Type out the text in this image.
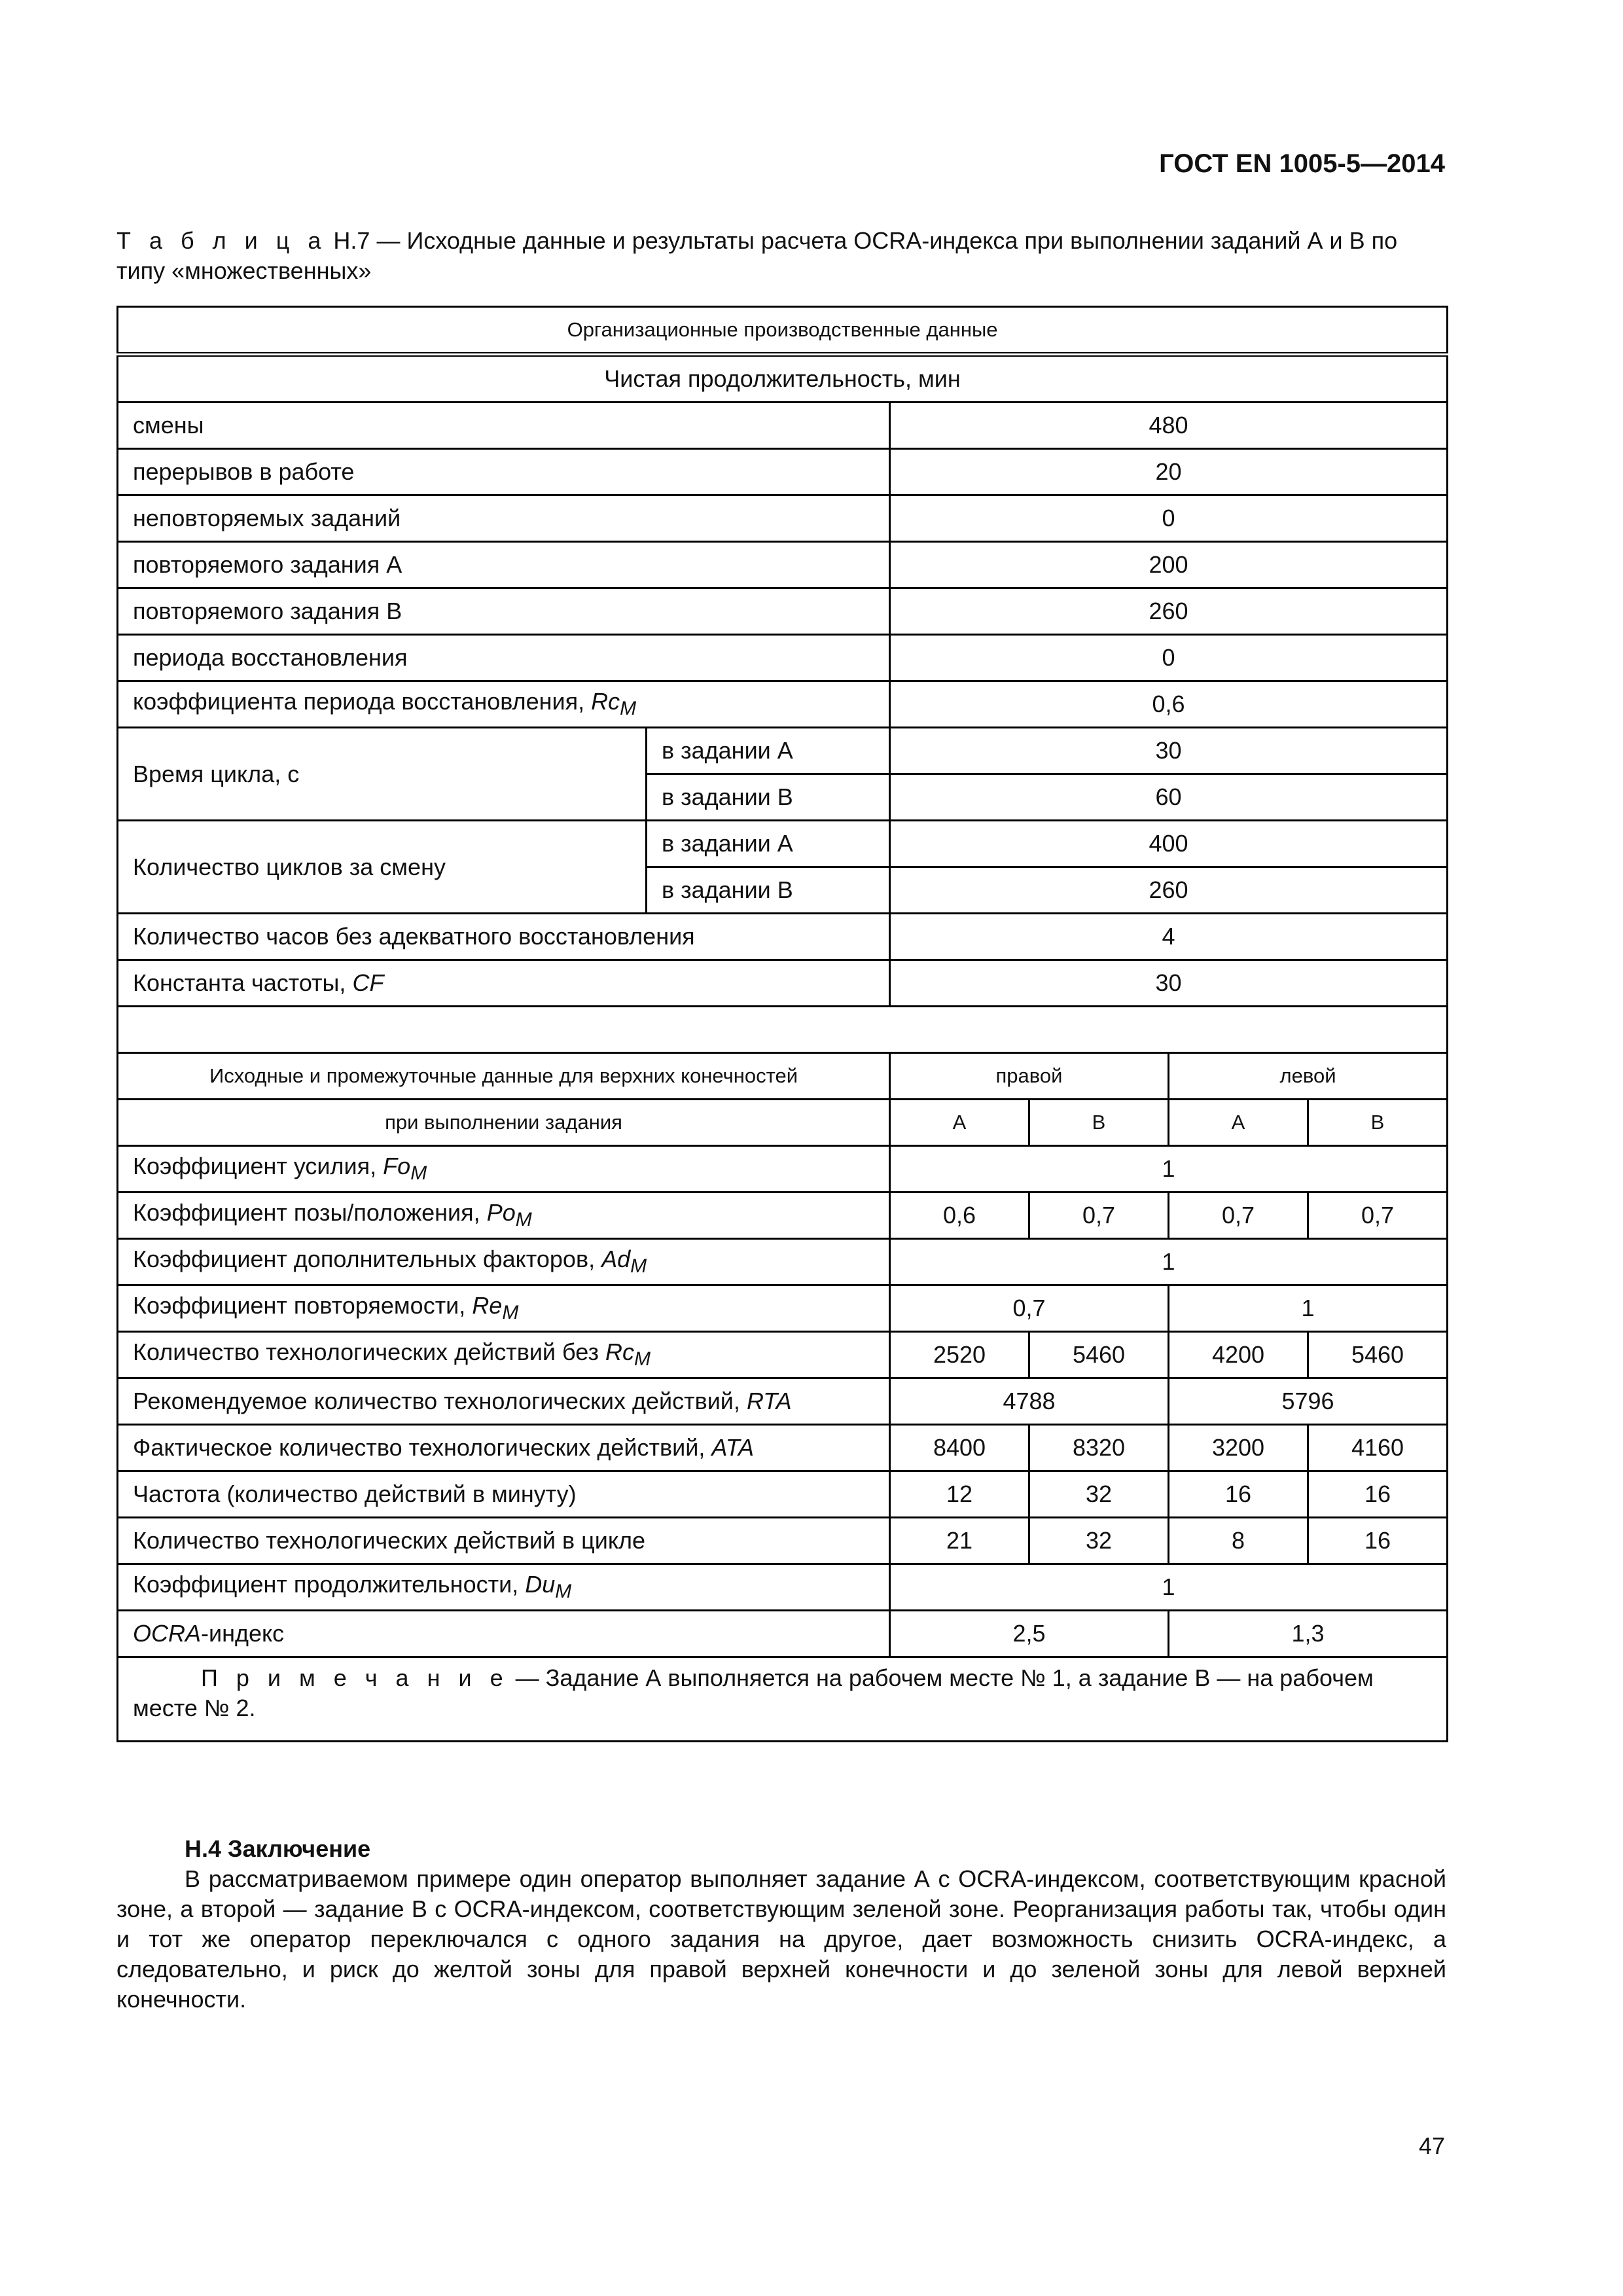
ГОСТ EN 1005-5—2014
Т а б л и ц а Н.7 — Исходные данные и результаты расчета OCRA-индекса при выполнении заданий А и В по типу «множественных»
Организационные производственные данные					
Чистая продолжительность, мин					
смены		480			
перерывов в работе		20			
неповторяемых заданий		0			
повторяемого задания А		200			
повторяемого задания В		260			
периода восстановления		0			
коэффициента периода восстановления, $Rc_M$		0,6			
Время цикла, с	в задании А	30			
	в задании В	60			
Количество циклов за смену	в задании А	400			
	в задании В	260			
Количество часов без адекватного восстановления		4			
Константа частоты, CF		30			

Исходные и промежуточные данные для верхних конечностей		правой		левой	
при выполнении задания		А	В	А	В
Коэффициент усилия, $Fo_M$		1			
Коэффициент позы/положения, $Po_M$		0,6	0,7	0,7	0,7
Коэффициент дополнительных факторов, $Ad_M$		1			
Коэффициент повторяемости, $Re_M$		0,7		1	
Количество технологических действий без $Rc_M$		2520	5460	4200	5460
Рекомендуемое количество технологических действий, RTA		4788		5796	
Фактическое количество технологических действий, ATA		8400	8320	3200	4160
Частота (количество действий в минуту)		12	32	16	16
Количество технологических действий в цикле		21	32	8	16
Коэффициент продолжительности, $Du_M$		1			
OCRA-индекс		2,5		1,3	
П р и м е ч а н и е — Задание А выполняется на рабочем месте № 1, а задание В — на рабочем месте № 2.					
Н.4 Заключение

В рассматриваемом примере один оператор выполняет задание А с OCRA-индексом, соответствующим красной зоне, а второй — задание В с OCRA-индексом, соответствующим зеленой зоне. Реорганизация работы так, чтобы один и тот же оператор переключался с одного задания на другое, дает возможность снизить OCRA-индекс, а следовательно, и риск до желтой зоны для правой верхней конечности и до зеленой зоны для левой верхней конечности.

47
